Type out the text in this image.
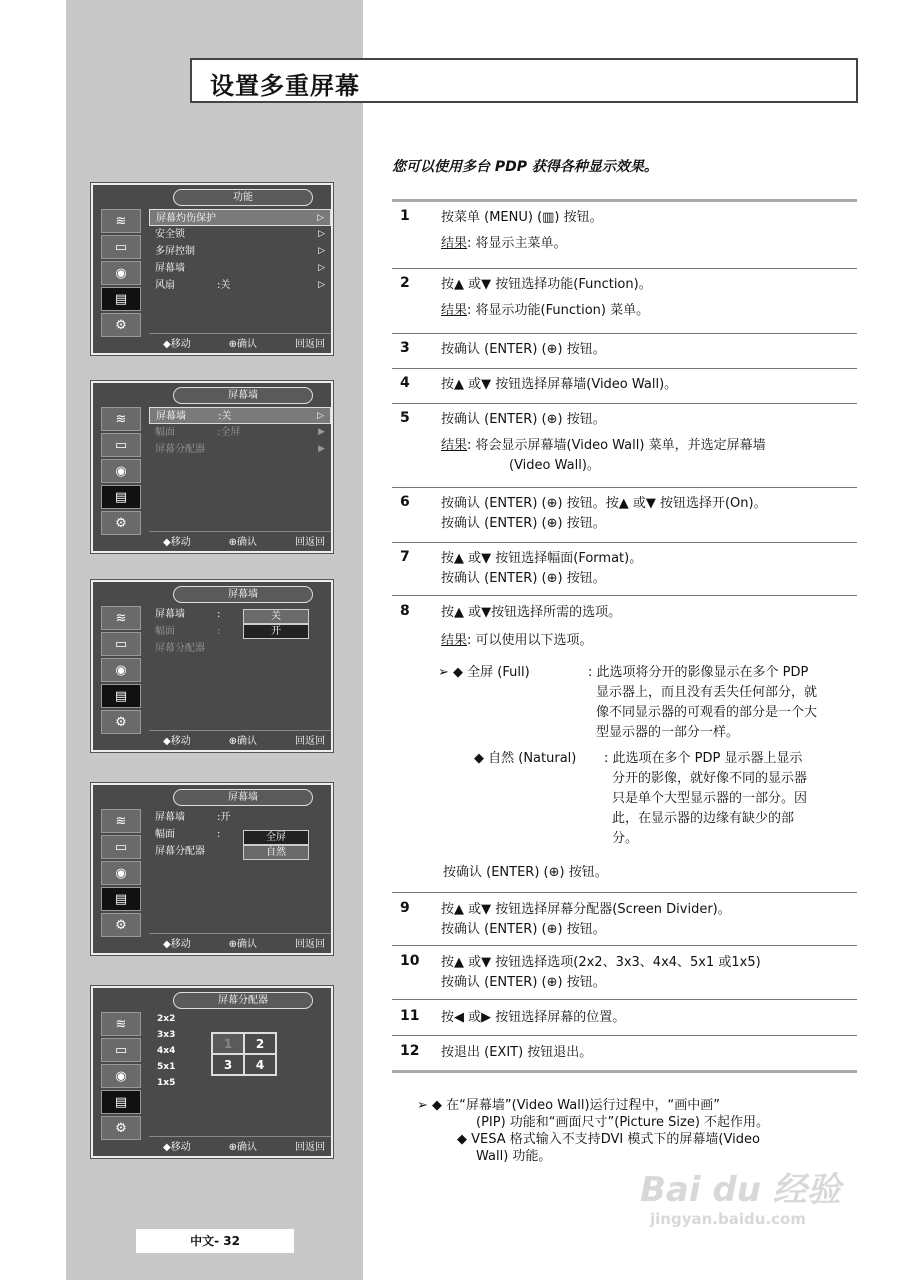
设置多重屏幕
您可以使用多台 PDP 获得各种显示效果。
功能
≋
▭
◉
▤
⚙
屏幕灼伤保护	▷
安全锁	▷
多屏控制	▷
屏幕墙	▷
风扇	:关	▷
◆移动	⊕确认	回返回
屏幕墙
≋
▭
◉
▤
⚙
屏幕墙	:关	▷
幅面	:全屏	▶
屏幕分配器	▶
◆移动	⊕确认	回返回
屏幕墙
≋
▭
◉
▤
⚙
屏幕墙	:
幅面	:
屏幕分配器
关
开
◆移动	⊕确认	回返回
屏幕墙
≋
▭
◉
▤
⚙
屏幕墙	:开
幅面	:
屏幕分配器
全屏
自然
◆移动	⊕确认	回返回
屏幕分配器
≋
▭
◉
▤
⚙
2x2
3x3
4x4
5x1
1x5
1	2
3	4
◆移动	⊕确认	回返回
1 按菜单 (MENU) (▥) 按钮。
结果: 将显示主菜单。
2 按▲ 或▼ 按钮选择功能(Function)。
结果: 将显示功能(Function) 菜单。
3 按确认 (ENTER) (⊕) 按钮。
4 按▲ 或▼ 按钮选择屏幕墙(Video Wall)。
5 按确认 (ENTER) (⊕) 按钮。
结果: 将会显示屏幕墙(Video Wall) 菜单，并选定屏幕墙
(Video Wall)。
6 按确认 (ENTER) (⊕) 按钮。按▲ 或▼ 按钮选择开(On)。
按确认 (ENTER) (⊕) 按钮。
7 按▲ 或▼ 按钮选择幅面(Format)。
按确认 (ENTER) (⊕) 按钮。
8 按▲ 或▼按钮选择所需的选项。
结果: 可以使用以下选项。
➢ ◆ 全屏 (Full)	: 此选项将分开的影像显示在多个 PDP
显示器上，而且没有丢失任何部分，就
像不同显示器的可观看的部分是一个大
型显示器的一部分一样。
◆ 自然 (Natural) : 此选项在多个 PDP 显示器上显示
分开的影像，就好像不同的显示器
只是单个大型显示器的一部分。因
此，在显示器的边缘有缺少的部
分。
按确认 (ENTER) (⊕) 按钮。
9 按▲ 或▼ 按钮选择屏幕分配器(Screen Divider)。
按确认 (ENTER) (⊕) 按钮。
10 按▲ 或▼ 按钮选择选项(2x2、3x3、4x4、5x1 或1x5)
按确认 (ENTER) (⊕) 按钮。
11 按◀ 或▶ 按钮选择屏幕的位置。
12 按退出 (EXIT) 按钮退出。
➢ ◆ 在“屏幕墙”(Video Wall)运行过程中，“画中画”
(PIP) 功能和“画面尺寸”(Picture Size) 不起作用。
◆ VESA 格式输入不支持DVI 模式下的屏幕墙(Video
Wall) 功能。
中文- 32
Bai du 经验
jingyan.baidu.com
